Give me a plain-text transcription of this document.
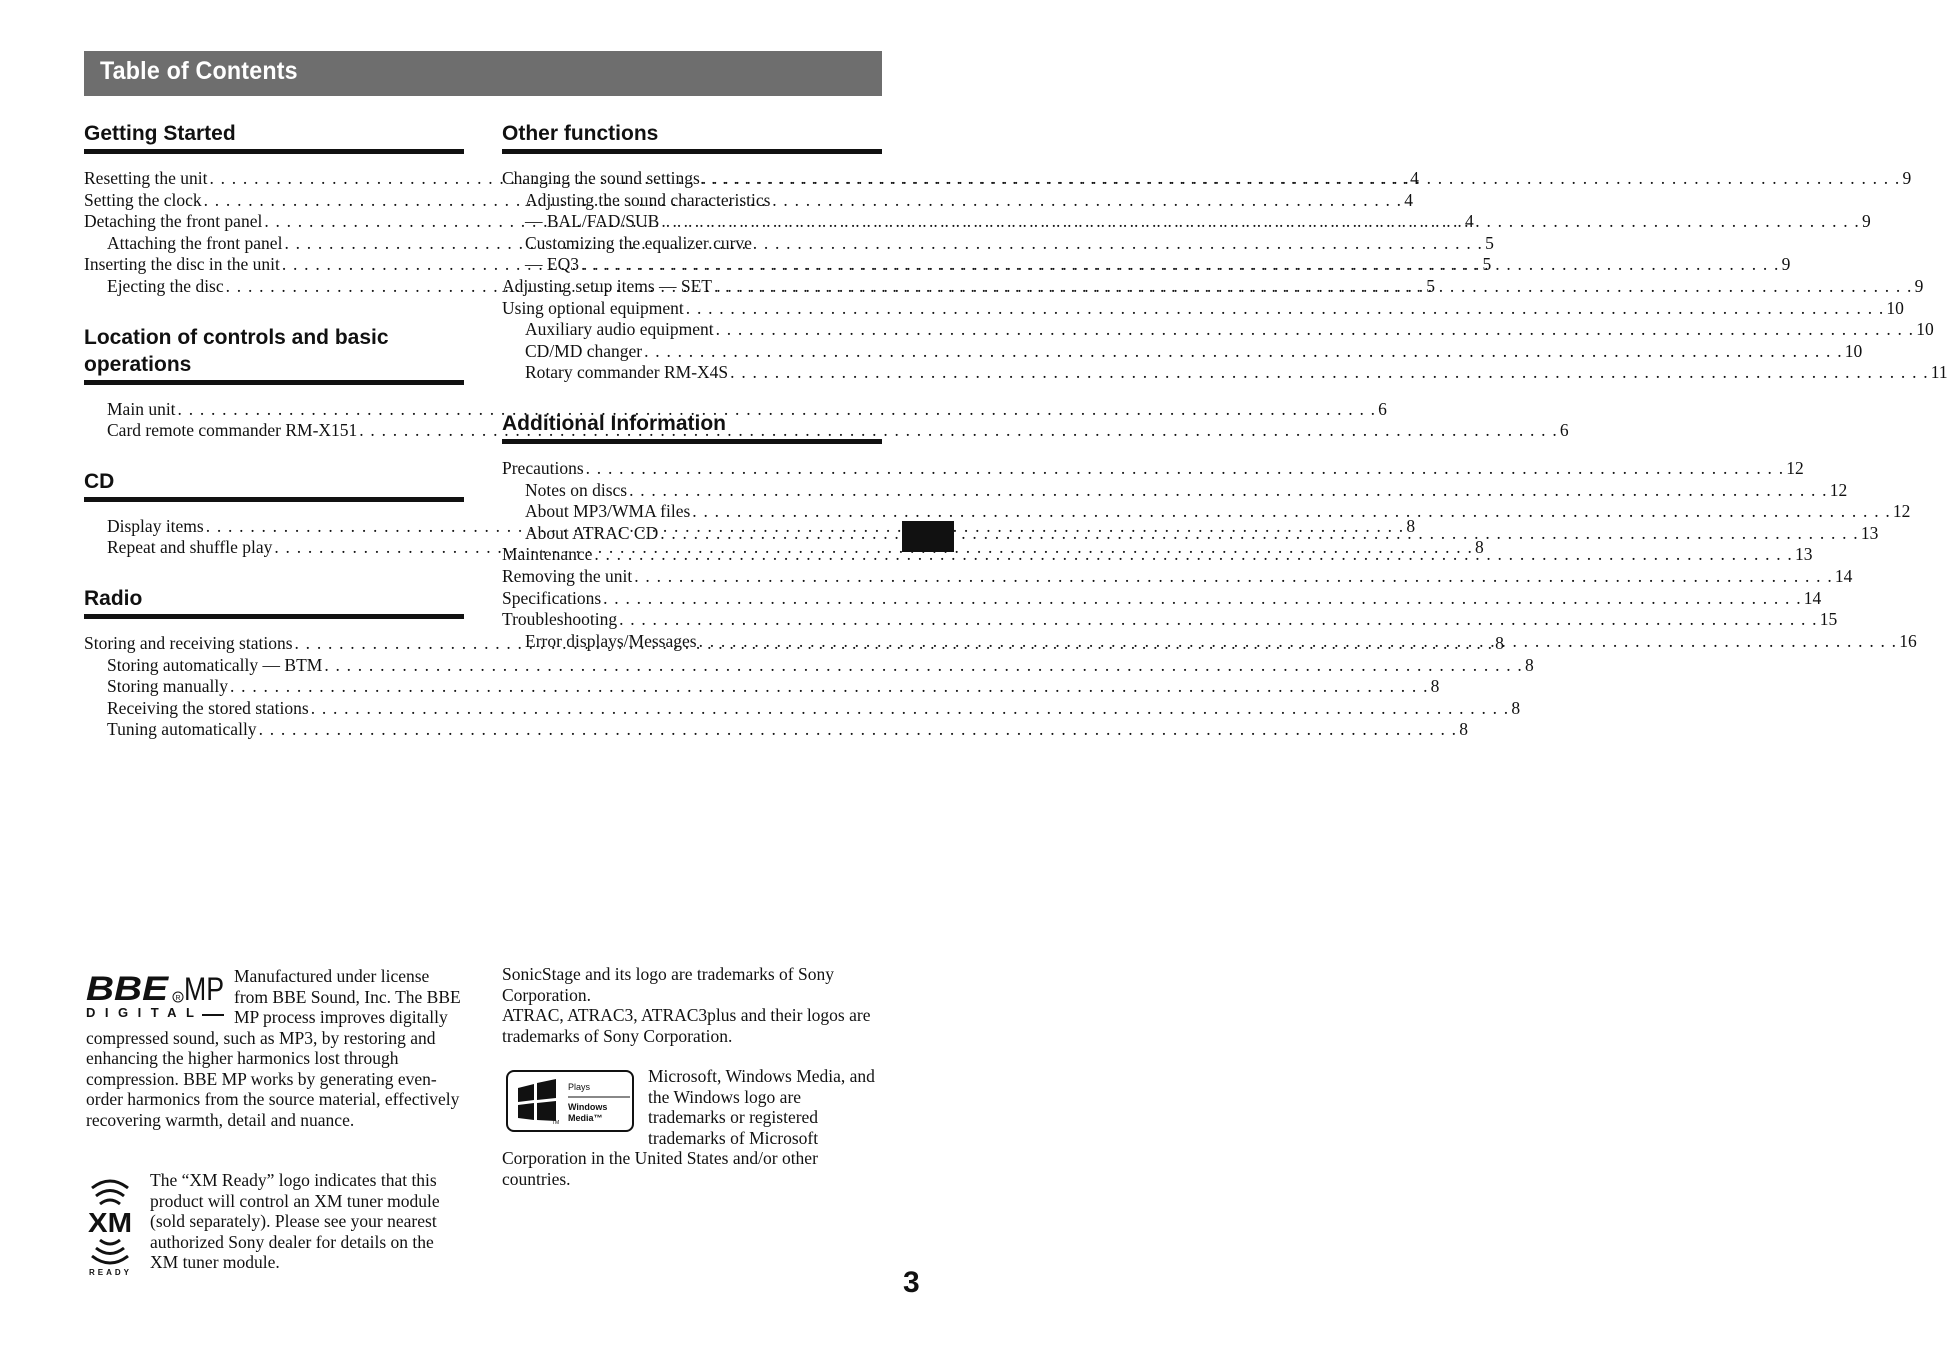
Table of Contents
Getting Started
Resetting the unit . . .	4
Setting the clock . . .	4
Detaching the front panel . . .	4
Attaching the front panel . . .	5
Inserting the disc in the unit . . .	5
Ejecting the disc . . .	5
Location of controls and basic
operations
Main unit . . .	6
Card remote commander RM-X151 . . .	6
CD
Display items . . .	8
Repeat and shuffle play . . .	8
Radio
Storing and receiving stations . . .	8
Storing automatically — BTM . . .	8
Storing manually . . .	8
Receiving the stored stations . . .	8
Tuning automatically . . .	8
Other functions
Changing the sound settings . . .	9
Adjusting the sound characteristics
— BAL/FAD/SUB . . .	9
Customizing the equalizer curve
— EQ3 . . .	9
Adjusting setup items — SET . . .	9
Using optional equipment . . .	10
Auxiliary audio equipment . . .	10
CD/MD changer . . .	10
Rotary commander RM-X4S . . .	11
Additional Information
Precautions . . .	12
Notes on discs . . .	12
About MP3/WMA files . . .	12
About ATRAC CD . . .	13
Maintenance . . .	13
Removing the unit . . .	14
Specifications . . .	14
Troubleshooting . . .	15
Error displays/Messages . . .	16
BBE R MP
DIGITAL
Manufactured under license from BBE Sound, Inc. The BBE MP process improves digitally compressed sound, such as MP3, by restoring and enhancing the higher harmonics lost through compression. BBE MP works by generating even-order harmonics from the source material, effectively recovering warmth, detail and nuance.
XM
READY
The “XM Ready” logo indicates that this product will control an XM tuner module (sold separately). Please see your nearest authorized Sony dealer for details on the XM tuner module.
SonicStage and its logo are trademarks of Sony Corporation.
ATRAC, ATRAC3, ATRAC3plus and their logos are trademarks of Sony Corporation.
TM
Plays
Windows
Media™
Microsoft, Windows Media, and the Windows logo are trademarks or registered trademarks of Microsoft Corporation in the United States and/or other countries.
3
